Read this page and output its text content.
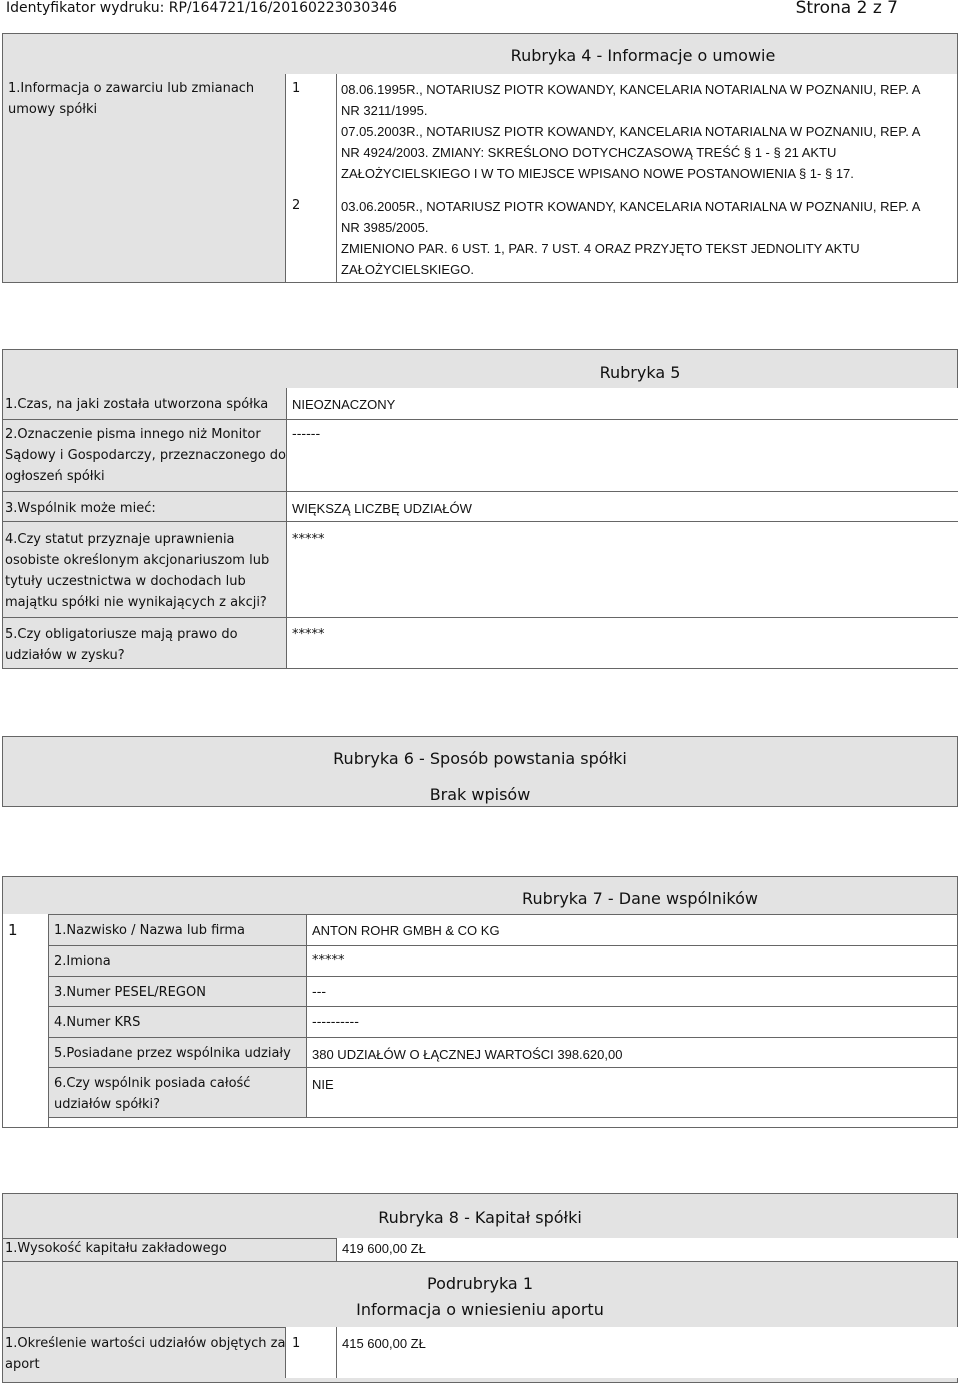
Identyfikator wydruku: RP/164721/16/20160223030346	Strona 2 z 7
Rubryka 4 - Informacje o umowie
1.Informacja o zawarciu lub zmianach umowy spółki
1	08.06.1995R., NOTARIUSZ PIOTR KOWANDY, KANCELARIA NOTARIALNA W POZNANIU, REP. A
NR 3211/1995.
07.05.2003R., NOTARIUSZ PIOTR KOWANDY, KANCELARIA NOTARIALNA W POZNANIU, REP. A
NR 4924/2003. ZMIANY: SKREŚLONO DOTYCHCZASOWĄ TREŚĆ § 1 - § 21 AKTU
ZAŁOŻYCIELSKIEGO I W TO MIEJSCE WPISANO NOWE POSTANOWIENIA § 1- § 17.
2	03.06.2005R., NOTARIUSZ PIOTR KOWANDY, KANCELARIA NOTARIALNA W POZNANIU, REP. A
NR 3985/2005.
ZMIENIONO PAR. 6 UST. 1, PAR. 7 UST. 4 ORAZ PRZYJĘTO TEKST JEDNOLITY AKTU
ZAŁOŻYCIELSKIEGO.
Rubryka 5
1.Czas, na jaki została utworzona spółka NIEOZNACZONY
2.Oznaczenie pisma innego niż Monitor
Sądowy i Gospodarczy, przeznaczonego do
ogłoszeń spółki
------
3.Wspólnik może mieć:	WIĘKSZĄ LICZBĘ UDZIAŁÓW
4.Czy statut przyznaje uprawnienia
osobiste określonym akcjonariuszom lub
tytuły uczestnictwa w dochodach lub
majątku spółki nie wynikających z akcji?
*****
5.Czy obligatoriusze mają prawo do
udziałów w zysku?
*****
Rubryka 6 - Sposób powstania spółki
Brak wpisów
Rubryka 7 - Dane wspólników
1	1.Nazwisko / Nazwa lub firma	ANTON ROHR GMBH & CO KG
2.Imiona	*****
3.Numer PESEL/REGON	---
4.Numer KRS	----------
5.Posiadane przez wspólnika udziały 380 UDZIAŁÓW O ŁĄCZNEJ WARTOŚCI 398.620,00
6.Czy wspólnik posiada całość
udziałów spółki?
NIE
Rubryka 8 - Kapitał spółki
1.Wysokość kapitału zakładowego	419 600,00 ZŁ
Podrubryka 1
Informacja o wniesieniu aportu
1.Określenie wartości udziałów objętych za
aport
1	415 600,00 ZŁ
